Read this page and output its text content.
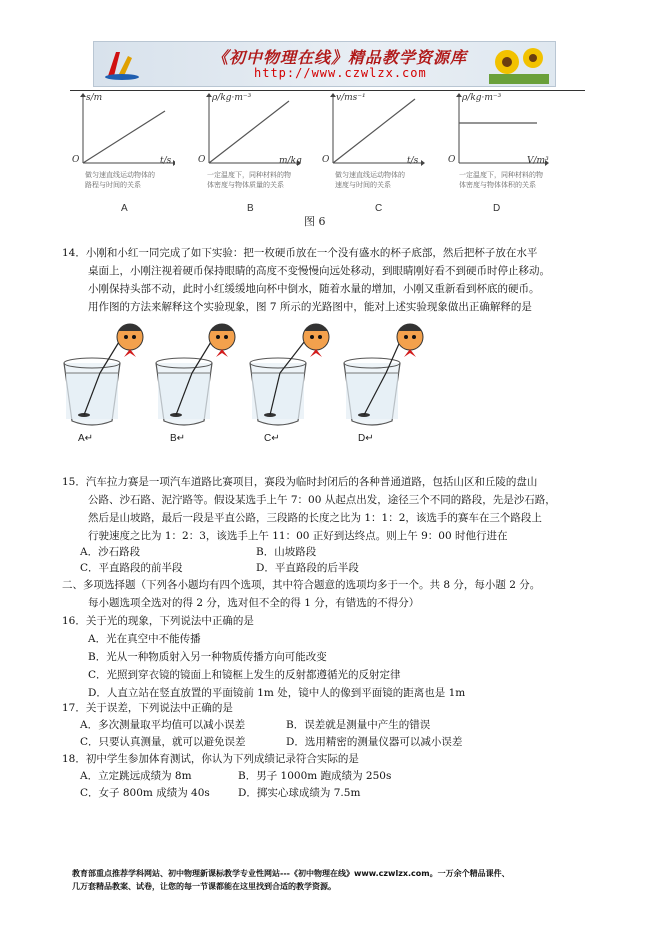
《初中物理在线》精品教学资源库
http://www.czwlzx.com
s/m
t/s
O
做匀速直线运动物体的
路程与时间的关系
A
ρ/kg·m⁻³
m/kg
O
一定温度下，同种材料的物
体密度与物体质量的关系
B
v/ms⁻¹
t/s
O
做匀速直线运动物体的
速度与时间的关系
C
ρ/kg·m⁻³
V/m³
O
一定温度下，同种材料的物
体密度与物体体积的关系
D
图 6
14．小刚和小红一同完成了如下实验：把一枚硬币放在一个没有盛水的杯子底部，然后把杯子放在水平
桌面上，小刚注视着硬币保持眼睛的高度不变慢慢向远处移动，到眼睛刚好看不到硬币时停止移动。
小刚保持头部不动，此时小红缓缓地向杯中倒水，随着水量的增加，小刚又重新看到杯底的硬币。
用作图的方法来解释这个实验现象，图 7 所示的光路图中，能对上述实验现象做出正确解释的是
A↵	B↵	C↵	D↵
15．汽车拉力赛是一项汽车道路比赛项目，赛段为临时封闭后的各种普通道路，包括山区和丘陵的盘山
公路、沙石路、泥泞路等。假设某选手上午 7：00 从起点出发，途径三个不同的路段，先是沙石路，
然后是山坡路，最后一段是平直公路，三段路的长度之比为 1：1：2，该选手的赛车在三个路段上
行驶速度之比为 1：2：3，该选手上午 11：00 正好到达终点。则上午 9：00 时他行进在
A．沙石路段	B．山坡路段
C．平直路段的前半段	D．平直路段的后半段
二、多项选择题（下列各小题均有四个选项，其中符合题意的选项均多于一个。共 8 分，每小题 2 分。
每小题选项全选对的得 2 分，选对但不全的得 1 分，有错选的不得分）
16．关于光的现象，下列说法中正确的是
A．光在真空中不能传播
B．光从一种物质射入另一种物质传播方向可能改变
C．光照到穿衣镜的镜面上和镜框上发生的反射都遵循光的反射定律
D．人直立站在竖直放置的平面镜前 1m 处，镜中人的像到平面镜的距离也是 1m
17．关于误差，下列说法中正确的是
A．多次测量取平均值可以减小误差	B．误差就是测量中产生的错误
C．只要认真测量，就可以避免误差	D．选用精密的测量仪器可以减小误差
18．初中学生参加体育测试，你认为下列成绩记录符合实际的是
A．立定跳远成绩为 8m	B．男子 1000m 跑成绩为 250s
C．女子 800m 成绩为 40s	D．掷实心球成绩为 7.5m
教育部重点推荐学科网站、初中物理新课标教学专业性网站---《初中物理在线》www.czwlzx.com。一万余个精品课件、
几万套精品教案、试卷，让您的每一节课都能在这里找到合适的教学资源。
